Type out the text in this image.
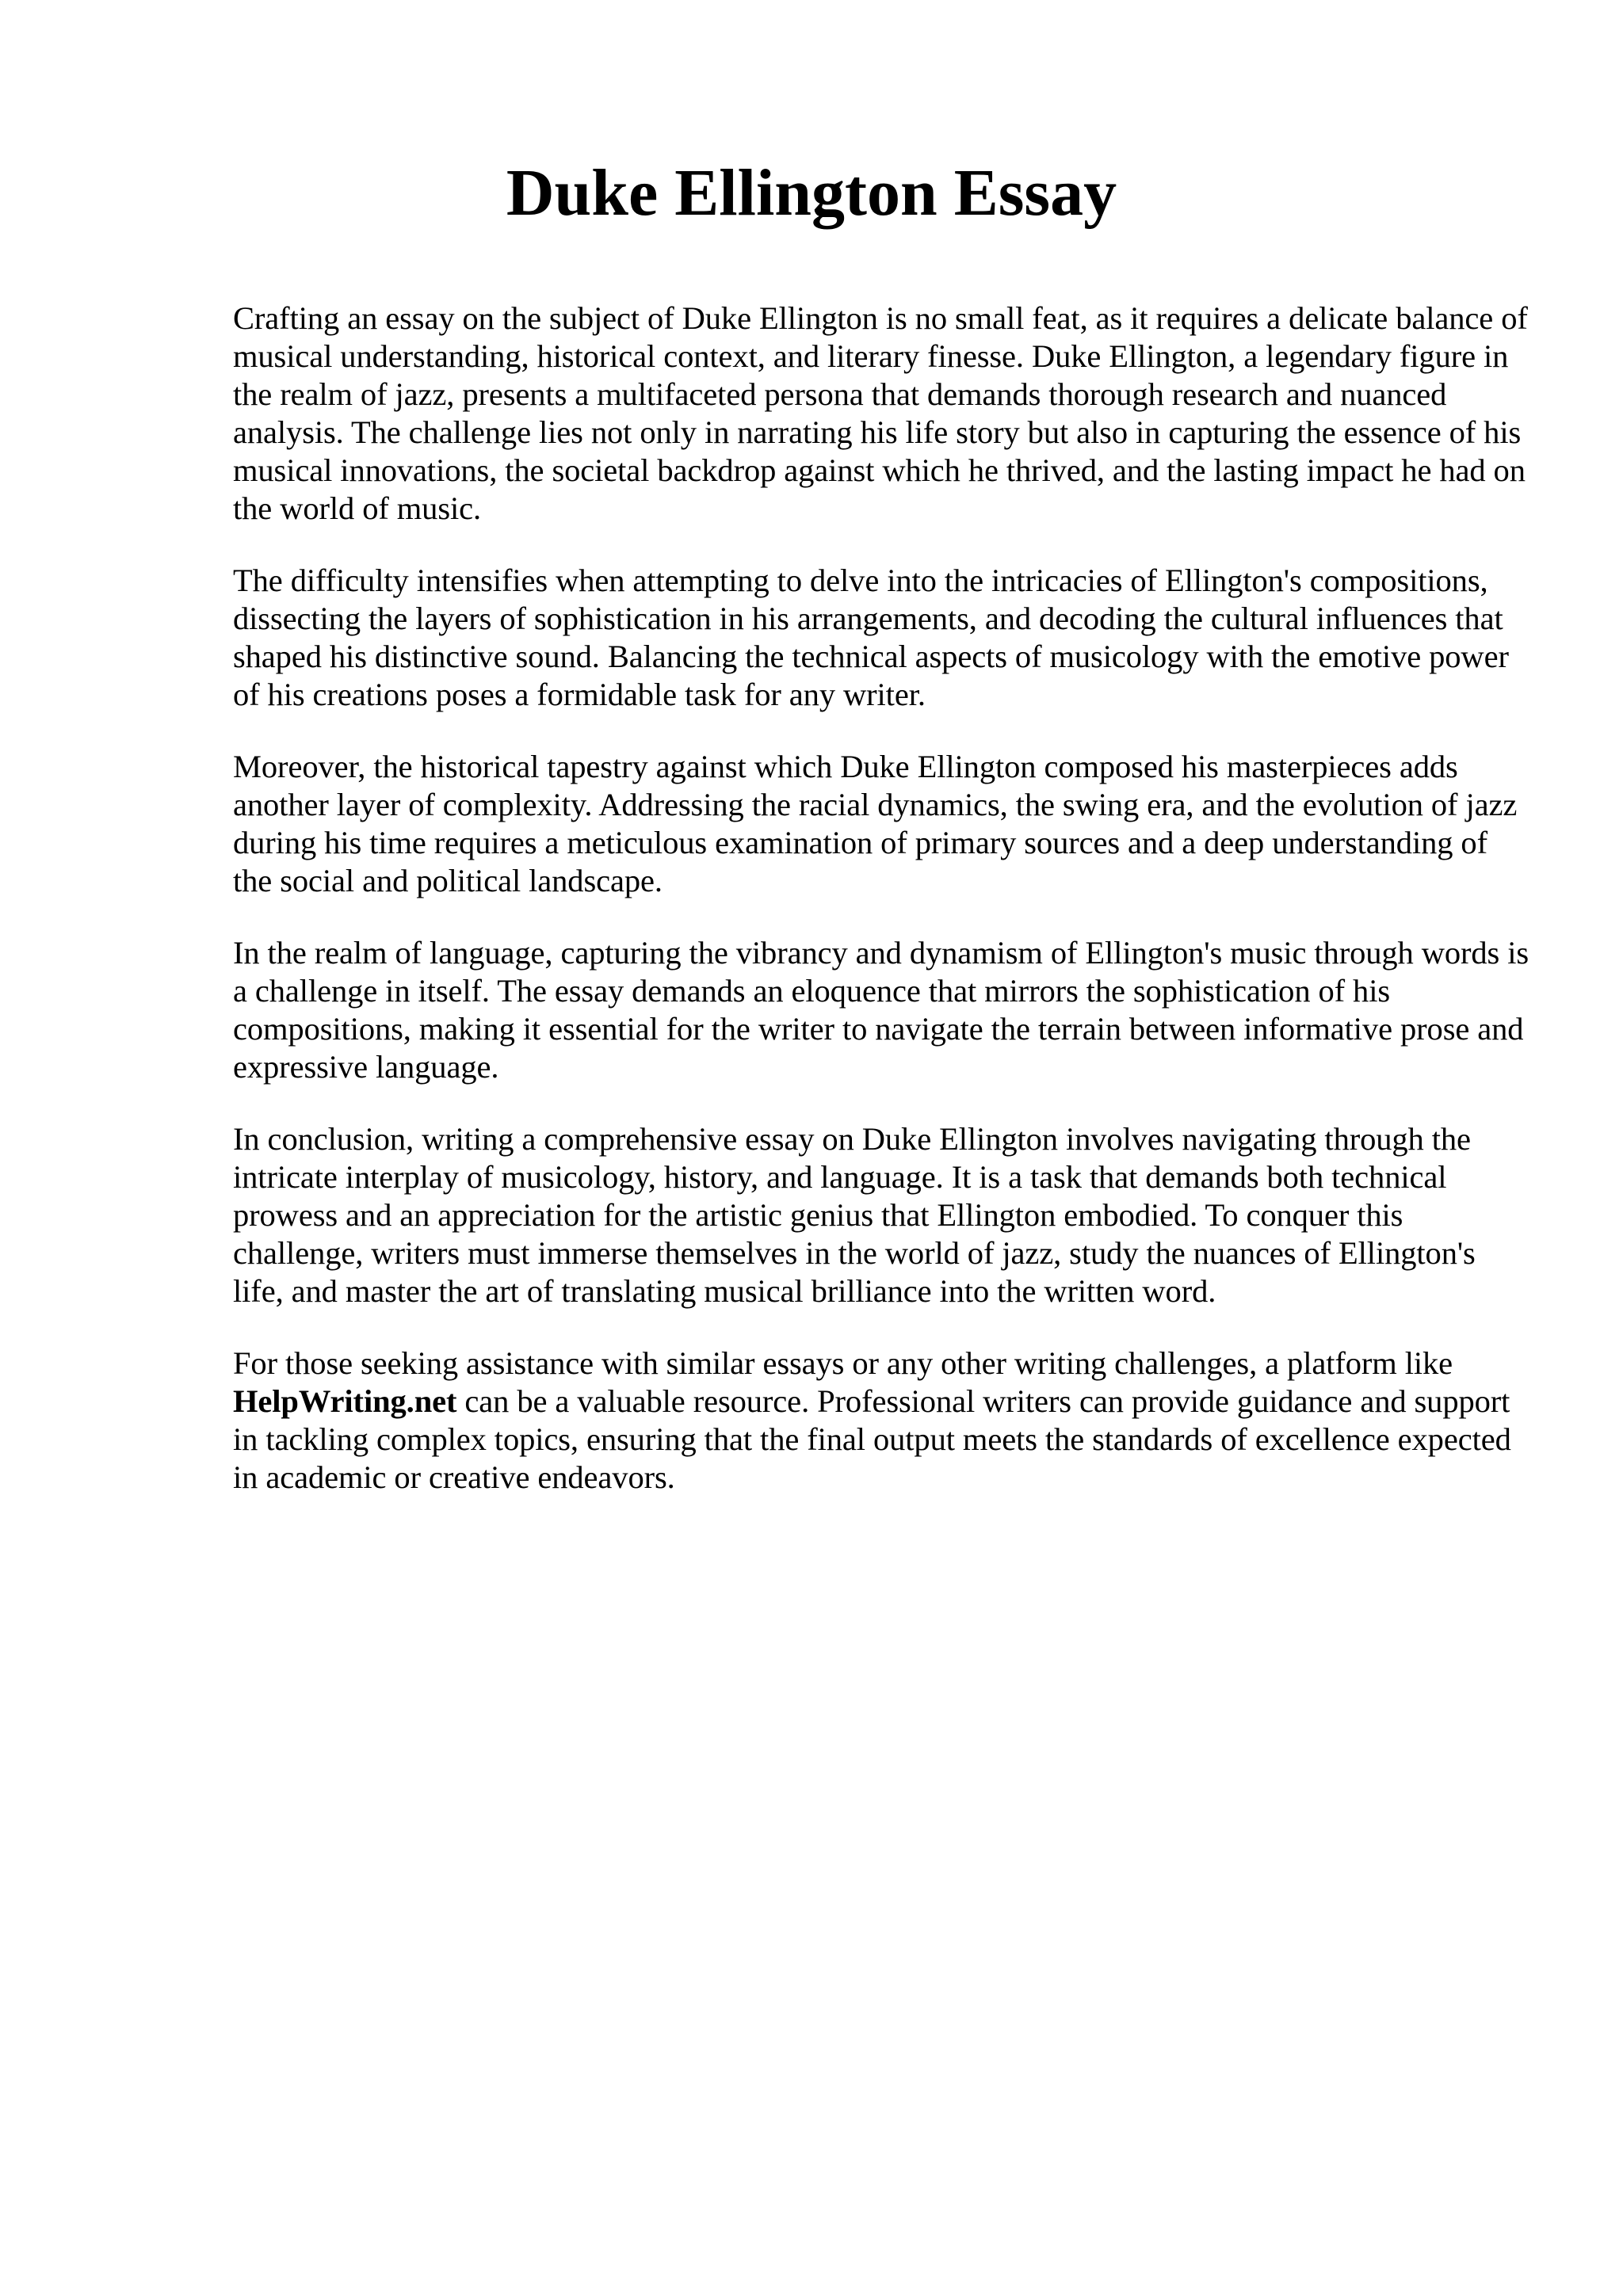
Duke Ellington Essay

Crafting an essay on the subject of Duke Ellington is no small feat, as it requires a delicate balance of musical understanding, historical context, and literary finesse. Duke Ellington, a legendary figure in the realm of jazz, presents a multifaceted persona that demands thorough research and nuanced analysis. The challenge lies not only in narrating his life story but also in capturing the essence of his musical innovations, the societal backdrop against which he thrived, and the lasting impact he had on the world of music.

The difficulty intensifies when attempting to delve into the intricacies of Ellington's compositions, dissecting the layers of sophistication in his arrangements, and decoding the cultural influences that shaped his distinctive sound. Balancing the technical aspects of musicology with the emotive power of his creations poses a formidable task for any writer.

Moreover, the historical tapestry against which Duke Ellington composed his masterpieces adds another layer of complexity. Addressing the racial dynamics, the swing era, and the evolution of jazz during his time requires a meticulous examination of primary sources and a deep understanding of the social and political landscape.

In the realm of language, capturing the vibrancy and dynamism of Ellington's music through words is a challenge in itself. The essay demands an eloquence that mirrors the sophistication of his compositions, making it essential for the writer to navigate the terrain between informative prose and expressive language.

In conclusion, writing a comprehensive essay on Duke Ellington involves navigating through the intricate interplay of musicology, history, and language. It is a task that demands both technical prowess and an appreciation for the artistic genius that Ellington embodied. To conquer this challenge, writers must immerse themselves in the world of jazz, study the nuances of Ellington's life, and master the art of translating musical brilliance into the written word.

For those seeking assistance with similar essays or any other writing challenges, a platform like HelpWriting.net can be a valuable resource. Professional writers can provide guidance and support in tackling complex topics, ensuring that the final output meets the standards of excellence expected in academic or creative endeavors.
